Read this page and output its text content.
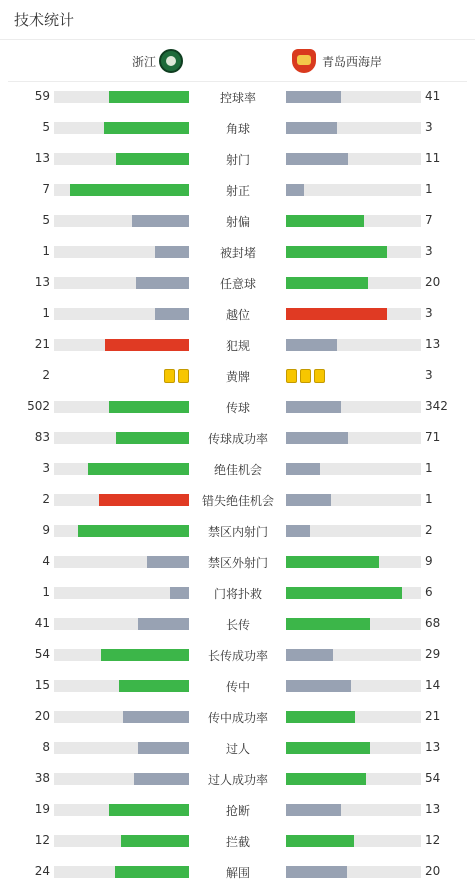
技术统计
浙江	青岛西海岸
59	控球率	41
5	角球	3
13	射门	11
7	射正	1
5	射偏	7
1	被封堵	3
13	任意球	20
1	越位	3
21	犯规	13
2	黄牌	3
502	传球	342
83	传球成功率	71
3	绝佳机会	1
2	错失绝佳机会	1
9	禁区内射门	2
4	禁区外射门	9
1	门将扑救	6
41	长传	68
54	长传成功率	29
15	传中	14
20	传中成功率	21
8	过人	13
38	过人成功率	54
19	抢断	13
12	拦截	12
24	解围	20
